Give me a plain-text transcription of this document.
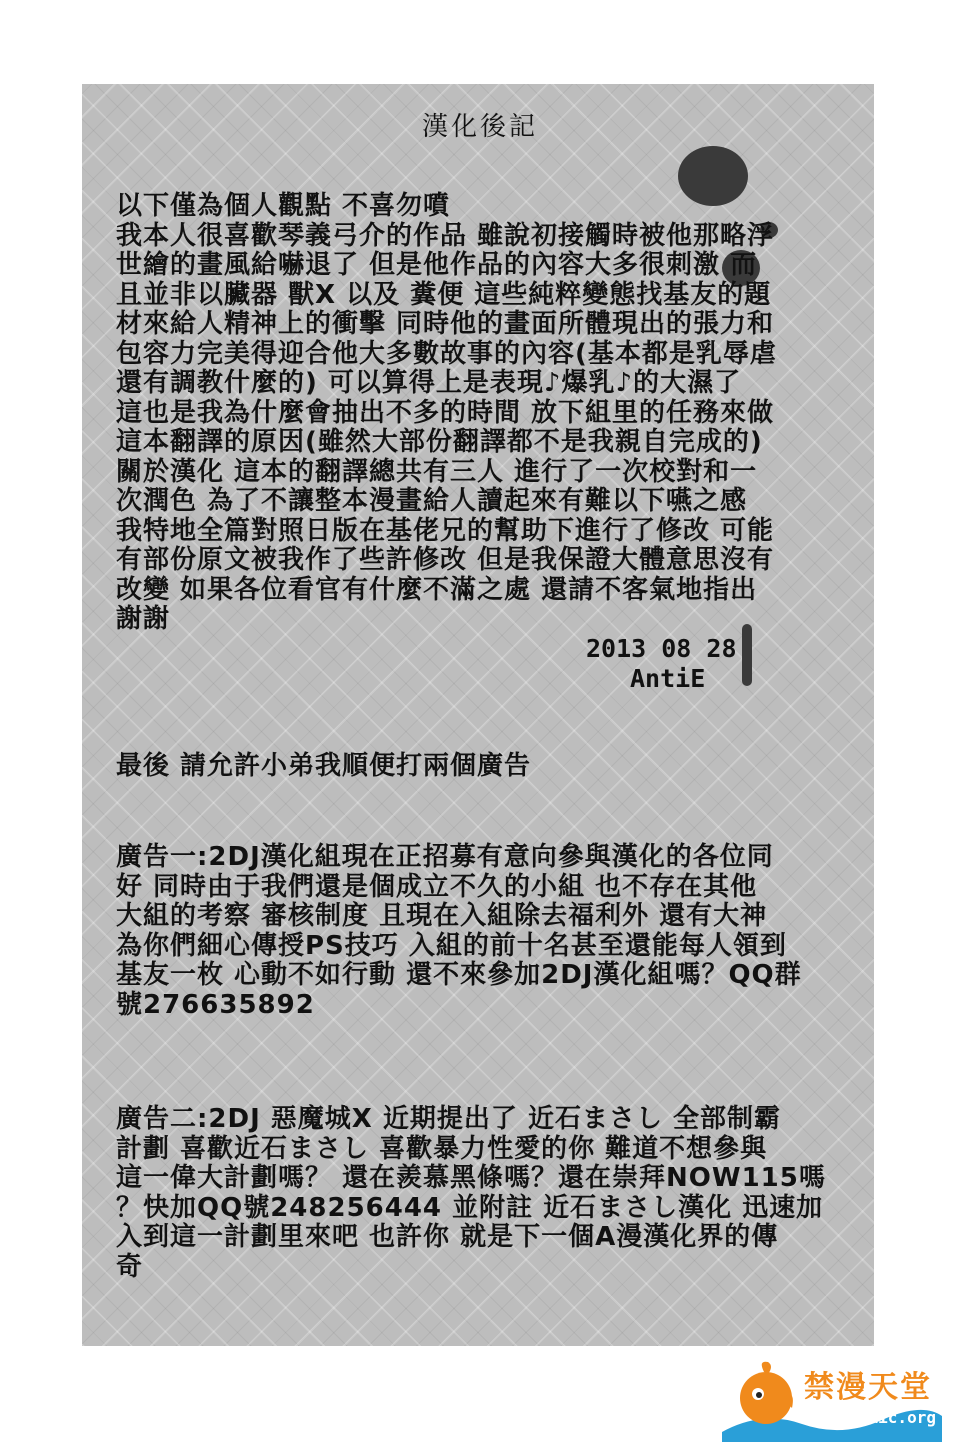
漢化後記

以下僅為個人觀點 不喜勿噴
我本人很喜歡琴義弓介的作品 雖說初接觸時被他那略浮
世繪的畫風給嚇退了 但是他作品的內容大多很刺激 而
且並非以臟器 獸X 以及 糞便 這些純粹變態找基友的題
材來給人精神上的衝擊 同時他的畫面所體現出的張力和
包容力完美得迎合他大多數故事的內容(基本都是乳辱虐
還有調教什麼的) 可以算得上是表現♪爆乳♪的大濕了
這也是我為什麼會抽出不多的時間 放下組里的任務來做
這本翻譯的原因(雖然大部份翻譯都不是我親自完成的)
關於漢化 這本的翻譯總共有三人 進行了一次校對和一
次潤色 為了不讓整本漫畫給人讀起來有難以下嚥之感
我特地全篇對照日版在基佬兄的幫助下進行了修改 可能
有部份原文被我作了些許修改 但是我保證大體意思沒有
改變 如果各位看官有什麼不滿之處 還請不客氣地指出
謝謝

2013 08 28
AntiE

最後 請允許小弟我順便打兩個廣告

廣告一:2DJ漢化組現在正招募有意向參與漢化的各位同
好 同時由于我們還是個成立不久的小組 也不存在其他
大組的考察 審核制度 且現在入組除去福利外 還有大神
為你們細心傳授PS技巧 入組的前十名甚至還能每人領到
基友一枚 心動不如行動 還不來參加2DJ漢化組嗎？QQ群
號276635892

廣告二:2DJ 惡魔城X 近期提出了 近石まさし 全部制霸
計劃 喜歡近石まさし 喜歡暴力性愛的你 難道不想參與
這一偉大計劃嗎？ 還在羨慕黑條嗎？還在崇拜NOW115嗎
？快加QQ號248256444 並附註 近石まさし漢化 迅速加
入到這一計劃里來吧 也許你 就是下一個A漫漢化界的傳
奇

禁漫天堂
18comic.org
